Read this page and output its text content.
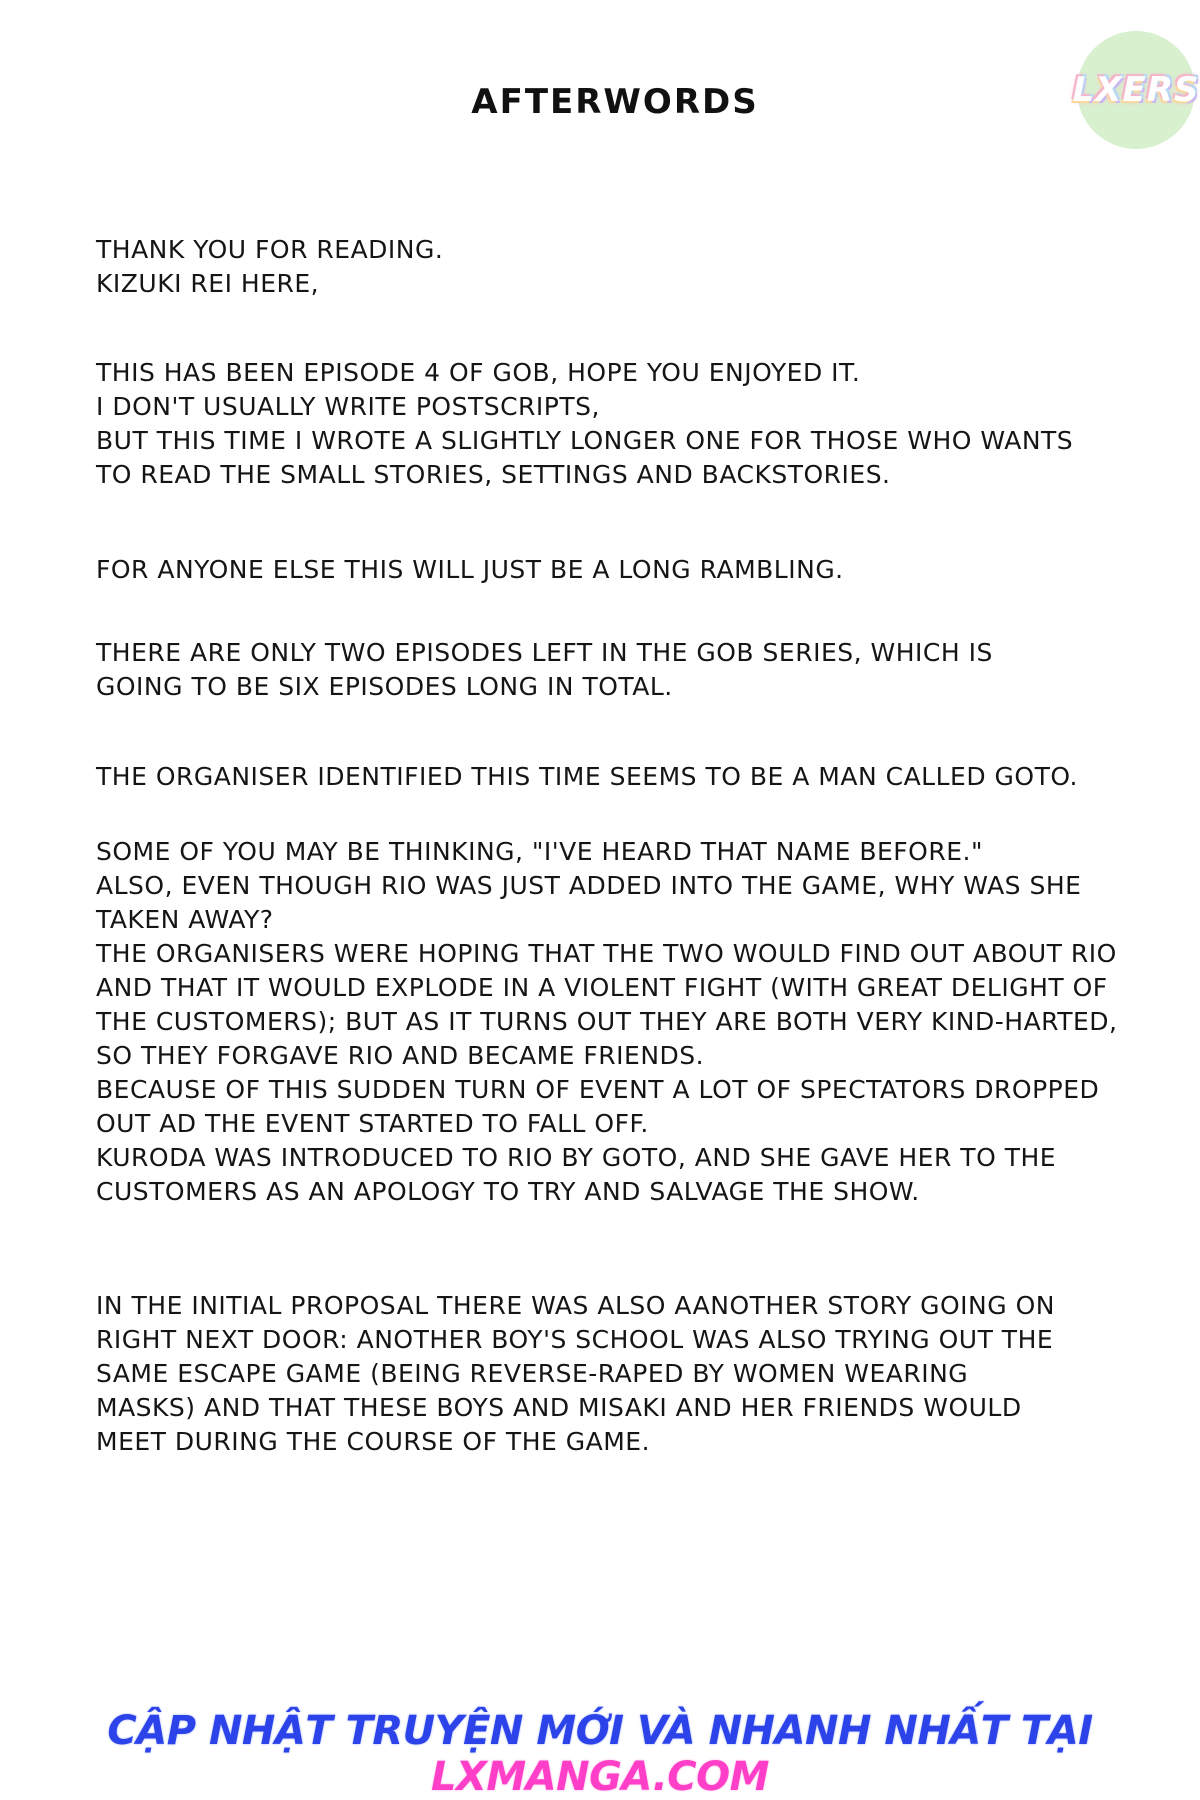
LXERS
AFTERWORDS

THANK YOU FOR READING.
KIZUKI REI HERE,

THIS HAS BEEN EPISODE 4 OF GOB, HOPE YOU ENJOYED IT.
I DON'T USUALLY WRITE POSTSCRIPTS,
BUT THIS TIME I WROTE A SLIGHTLY LONGER ONE FOR THOSE WHO WANTS
TO READ THE SMALL STORIES, SETTINGS AND BACKSTORIES.

FOR ANYONE ELSE THIS WILL JUST BE A LONG RAMBLING.

THERE ARE ONLY TWO EPISODES LEFT IN THE GOB SERIES, WHICH IS
GOING TO BE SIX EPISODES LONG IN TOTAL.

THE ORGANISER IDENTIFIED THIS TIME SEEMS TO BE A MAN CALLED GOTO.

SOME OF YOU MAY BE THINKING, "I'VE HEARD THAT NAME BEFORE."
ALSO, EVEN THOUGH RIO WAS JUST ADDED INTO THE GAME, WHY WAS SHE
TAKEN AWAY?
THE ORGANISERS WERE HOPING THAT THE TWO WOULD FIND OUT ABOUT RIO
AND THAT IT WOULD EXPLODE IN A VIOLENT FIGHT (WITH GREAT DELIGHT OF
THE CUSTOMERS); BUT AS IT TURNS OUT THEY ARE BOTH VERY KIND-HARTED,
SO THEY FORGAVE RIO AND BECAME FRIENDS.
BECAUSE OF THIS SUDDEN TURN OF EVENT A LOT OF SPECTATORS DROPPED
OUT AD THE EVENT STARTED TO FALL OFF.
KURODA WAS INTRODUCED TO RIO BY GOTO, AND SHE GAVE HER TO THE
CUSTOMERS AS AN APOLOGY TO TRY AND SALVAGE THE SHOW.

IN THE INITIAL PROPOSAL THERE WAS ALSO AANOTHER STORY GOING ON
RIGHT NEXT DOOR: ANOTHER BOY'S SCHOOL WAS ALSO TRYING OUT THE
SAME ESCAPE GAME (BEING REVERSE-RAPED BY WOMEN WEARING
MASKS) AND THAT THESE BOYS AND MISAKI AND HER FRIENDS WOULD
MEET DURING THE COURSE OF THE GAME.

CẬP NHẬT TRUYỆN MỚI VÀ NHANH NHẤT TẠI LXMANGA.COM
